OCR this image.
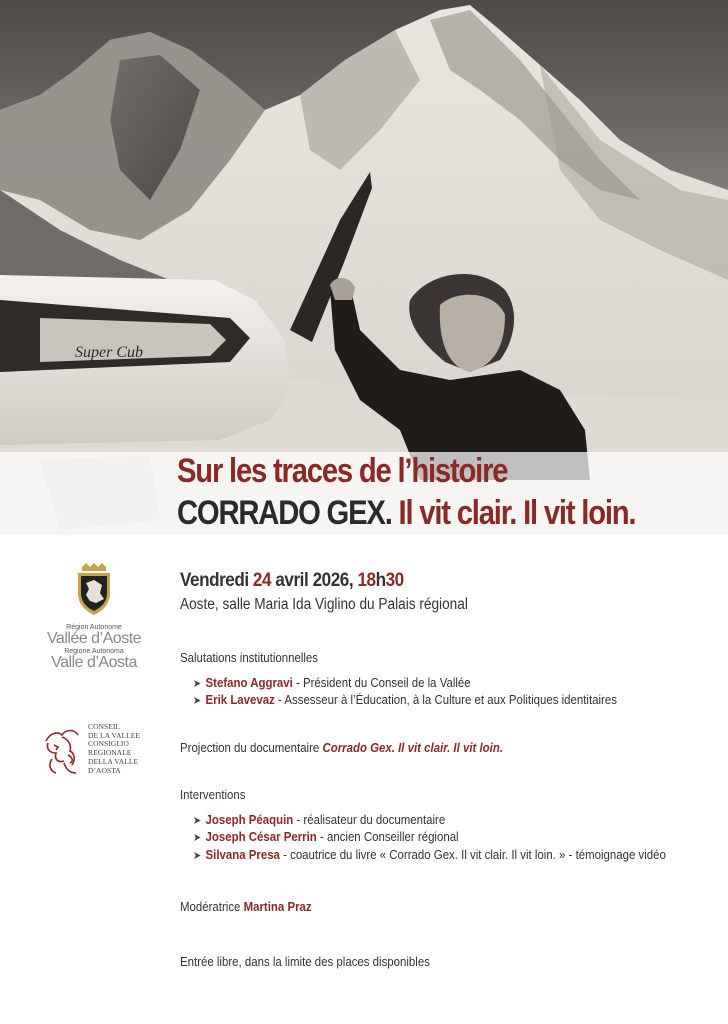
Super Cub
Sur les traces de l’histoire
CORRADO GEX. Il vit clair. Il vit loin.
Région Autonome
Vallée d’Aoste
Regione Autonoma
Valle d’Aosta
CONSEIL
DE LA VALLEE
CONSIGLIO
REGIONALE
DELLA VALLE
D’AOSTA
Vendredi 24 avril 2026, 18h30
Aoste, salle Maria Ida Viglino du Palais régional
Salutations institutionnelles
➤ Stefano Aggravi - Président du Conseil de la Vallée
➤ Erik Lavevaz - Assesseur à l’Éducation, à la Culture et aux Politiques identitaires
Projection du documentaire Corrado Gex. Il vit clair. Il vit loin.
Interventions
➤ Joseph Péaquin - réalisateur du documentaire
➤ Joseph César Perrin - ancien Conseiller régional
➤ Silvana Presa - coautrice du livre « Corrado Gex. Il vit clair. Il vit loin. » - témoignage vidéo
Modératrice Martina Praz
Entrée libre, dans la limite des places disponibles
